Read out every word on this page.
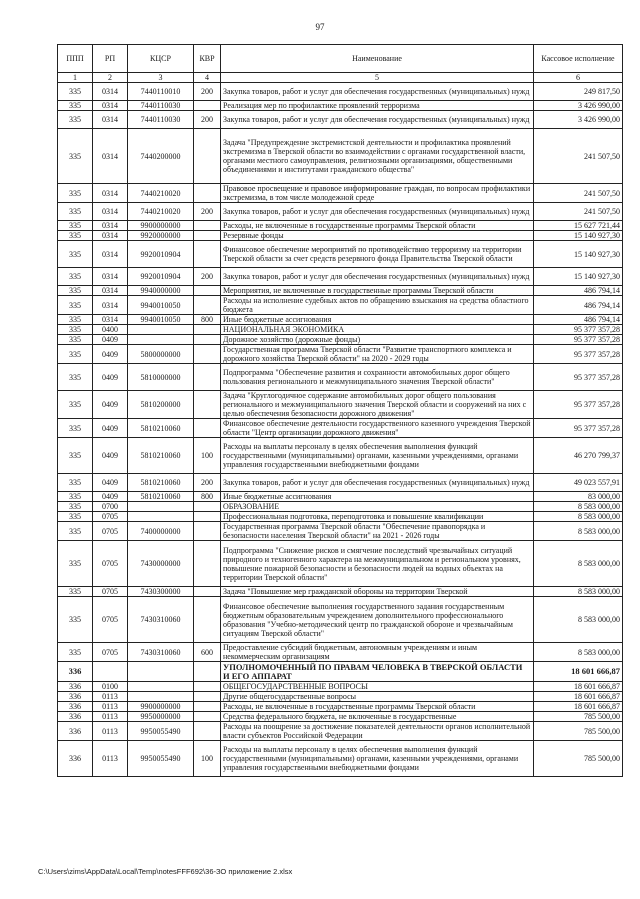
97
ППП	РП	КЦСР	КВР	Наименование	Кассовое исполнение
1	2	3	4	5	6
335	0314	7440110010	200	Закупка товаров, работ и услуг для обеспечения государственных (муниципальных) нужд	249 817,50
335	0314	7440110030		Реализация мер по профилактике проявлений терроризма	3 426 990,00
335	0314	7440110030	200	Закупка товаров, работ и услуг для обеспечения государственных (муниципальных) нужд	3 426 990,00
335	0314	7440200000		Задача "Предупреждение экстремистской деятельности и профилактика проявлений экстремизма в Тверской области во взаимодействии с органами государственной власти, органами местного самоуправления, религиозными организациями, общественными объединениями и институтами гражданского общества"	241 507,50
335	0314	7440210020		Правовое просвещение и правовое информирование граждан, по вопросам профилактики экстремизма, в том числе молодежной среде	241 507,50
335	0314	7440210020	200	Закупка товаров, работ и услуг для обеспечения государственных (муниципальных) нужд	241 507,50
335	0314	9900000000		Расходы, не включенные в государственные программы Тверской области	15 627 721,44
335	0314	9920000000		Резервные фонды	15 140 927,30
335	0314	9920010904		Финансовое обеспечение мероприятий по противодействию терроризму на территории Тверской области за счет средств резервного фонда Правительства Тверской области	15 140 927,30
335	0314	9920010904	200	Закупка товаров, работ и услуг для обеспечения государственных (муниципальных) нужд	15 140 927,30
335	0314	9940000000		Мероприятия, не включенные в государственные программы Тверской области	486 794,14
335	0314	9940010050		Расходы на исполнение судебных актов по обращению взыскания на средства областного бюджета	486 794,14
335	0314	9940010050	800	Иные бюджетные ассигнования	486 794,14
335	0400			НАЦИОНАЛЬНАЯ ЭКОНОМИКА	95 377 357,28
335	0409			Дорожное хозяйство (дорожные фонды)	95 377 357,28
335	0409	5800000000		Государственная программа Тверской области "Развитие транспортного комплекса и дорожного хозяйства Тверской области" на 2020 - 2029 годы	95 377 357,28
335	0409	5810000000		Подпрограмма "Обеспечение развития и сохранности автомобильных дорог общего пользования регионального и межмуниципального значения Тверской области"	95 377 357,28
335	0409	5810200000		Задача "Круглогодичное содержание автомобильных дорог общего пользования регионального и межмуниципального значения Тверской области и сооружений на них с целью обеспечения безопасности дорожного движения"	95 377 357,28
335	0409	5810210060		Финансовое обеспечение деятельности государственного казенного учреждения Тверской области "Центр организации дорожного движения"	95 377 357,28
335	0409	5810210060	100	Расходы на выплаты персоналу в целях обеспечения выполнения функций государственными (муниципальными) органами, казенными учреждениями, органами управления государственными внебюджетными фондами	46 270 799,37
335	0409	5810210060	200	Закупка товаров, работ и услуг для обеспечения государственных (муниципальных) нужд	49 023 557,91
335	0409	5810210060	800	Иные бюджетные ассигнования	83 000,00
335	0700			ОБРАЗОВАНИЕ	8 583 000,00
335	0705			Профессиональная подготовка, переподготовка и повышение квалификации	8 583 000,00
335	0705	7400000000		Государственная программа Тверской области "Обеспечение правопорядка и безопасности населения Тверской области" на 2021 - 2026 годы	8 583 000,00
335	0705	7430000000		Подпрограмма "Снижение рисков и смягчение последствий чрезвычайных ситуаций природного и техногенного характера на межмуниципальном и региональном уровнях, повышение пожарной безопасности и безопасности людей на водных объектах на территории Тверской области"	8 583 000,00
335	0705	7430300000		Задача "Повышение мер гражданской обороны на территории Тверской	8 583 000,00
335	0705	7430310060		Финансовое обеспечение выполнения государственного задания государственным бюджетным образовательным учреждением дополнительного профессионального образования "Учебно-методический центр по гражданской обороне и чрезвычайным ситуациям Тверской области"	8 583 000,00
335	0705	7430310060	600	Предоставление субсидий бюджетным, автономным учреждениям и иным некоммерческим организациям	8 583 000,00
336				УПОЛНОМОЧЕННЫЙ ПО ПРАВАМ ЧЕЛОВЕКА В ТВЕРСКОЙ ОБЛАСТИ И ЕГО АППАРАТ	18 601 666,87
336	0100			ОБЩЕГОСУДАРСТВЕННЫЕ ВОПРОСЫ	18 601 666,87
336	0113			Другие общегосударственные вопросы	18 601 666,87
336	0113	9900000000		Расходы, не включенные в государственные программы Тверской области	18 601 666,87
336	0113	9950000000		Средства федерального бюджета, не включенные в государственные	785 500,00
336	0113	9950055490		Расходы на поощрение за достижение показателей деятельности органов исполнительной власти субъектов Российской Федерации	785 500,00
336	0113	9950055490	100	Расходы на выплаты персоналу в целях обеспечения выполнения функций государственными (муниципальными) органами, казенными учреждениями, органами управления государственными внебюджетными фондами	785 500,00
C:\Users\zims\AppData\Local\Temp\notesFFF692\36-ЗО приложение 2.xlsx
